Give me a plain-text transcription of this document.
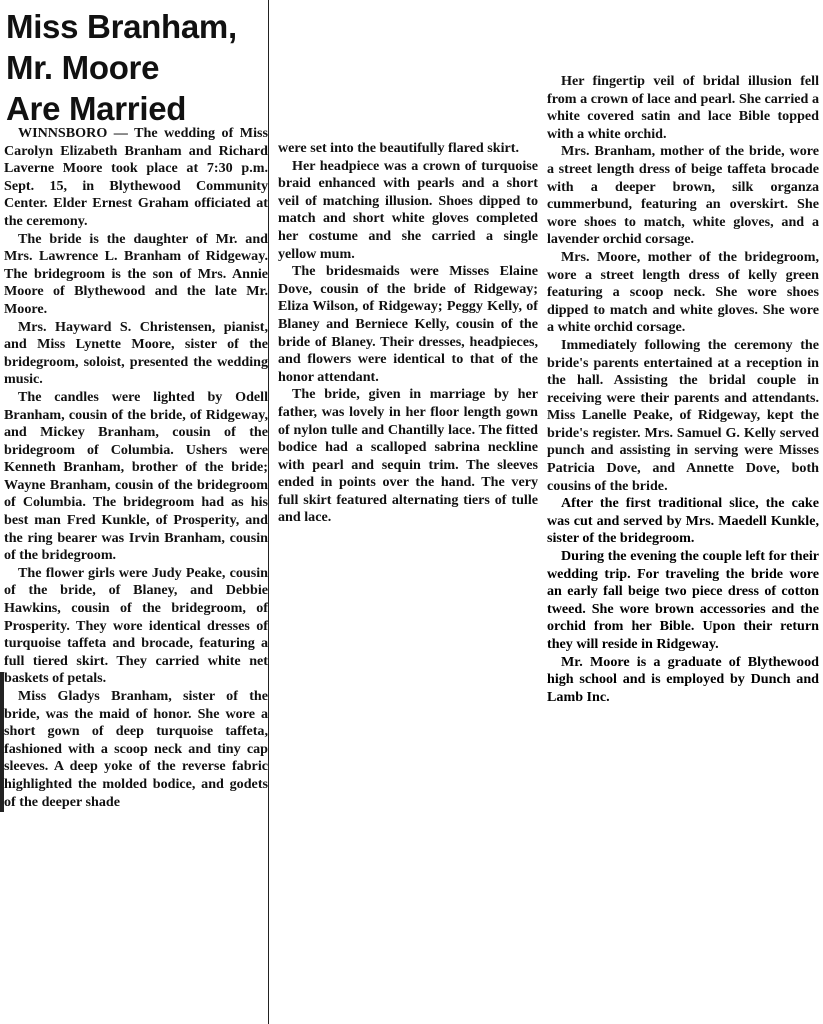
Miss Branham,
Mr. Moore
Are Married

WINNSBORO — The wedding of Miss Carolyn Elizabeth Branham and Richard Laverne Moore took place at 7:30 p.m. Sept. 15, in Blythewood Community Center. Elder Ernest Graham officiated at the ceremony.

The bride is the daughter of Mr. and Mrs. Lawrence L. Branham of Ridgeway. The bridegroom is the son of Mrs. Annie Moore of Blythewood and the late Mr. Moore.

Mrs. Hayward S. Christensen, pianist, and Miss Lynette Moore, sister of the bridegroom, soloist, presented the wedding music.

The candles were lighted by Odell Branham, cousin of the bride, of Ridgeway, and Mickey Branham, cousin of the bridegroom of Columbia. Ushers were Kenneth Branham, brother of the bride; Wayne Branham, cousin of the bridegroom of Columbia. The bridegroom had as his best man Fred Kunkle, of Prosperity, and the ring bearer was Irvin Branham, cousin of the bridegroom.

The flower girls were Judy Peake, cousin of the bride, of Blaney, and Debbie Hawkins, cousin of the bridegroom, of Prosperity. They wore identical dresses of turquoise taffeta and brocade, featuring a full tiered skirt. They carried white net baskets of petals.

Miss Gladys Branham, sister of the bride, was the maid of honor. She wore a short gown of deep turquoise taffeta, fashioned with a scoop neck and tiny cap sleeves. A deep yoke of the reverse fabric highlighted the molded bodice, and godets of the deeper shade

were set into the beautifully flared skirt.

Her headpiece was a crown of turquoise braid enhanced with pearls and a short veil of matching illusion. Shoes dipped to match and short white gloves completed her costume and she carried a single yellow mum.

The bridesmaids were Misses Elaine Dove, cousin of the bride of Ridgeway; Eliza Wilson, of Ridgeway; Peggy Kelly, of Blaney and Berniece Kelly, cousin of the bride of Blaney. Their dresses, headpieces, and flowers were identical to that of the honor attendant.

The bride, given in marriage by her father, was lovely in her floor length gown of nylon tulle and Chantilly lace. The fitted bodice had a scalloped sabrina neckline with pearl and sequin trim. The sleeves ended in points over the hand. The very full skirt featured alternating tiers of tulle and lace.

Her fingertip veil of bridal illusion fell from a crown of lace and pearl. She carried a white covered satin and lace Bible topped with a white orchid.

Mrs. Branham, mother of the bride, wore a street length dress of beige taffeta brocade with a deeper brown, silk organza cummerbund, featuring an overskirt. She wore shoes to match, white gloves, and a lavender orchid corsage.

Mrs. Moore, mother of the bridegroom, wore a street length dress of kelly green featuring a scoop neck. She wore shoes dipped to match and white gloves. She wore a white orchid corsage.

Immediately following the ceremony the bride's parents entertained at a reception in the hall. Assisting the bridal couple in receiving were their parents and attendants. Miss Lanelle Peake, of Ridgeway, kept the bride's register. Mrs. Samuel G. Kelly served punch and assisting in serving were Misses Patricia Dove, and Annette Dove, both cousins of the bride.

After the first traditional slice, the cake was cut and served by Mrs. Maedell Kunkle, sister of the bridegroom.

During the evening the couple left for their wedding trip. For traveling the bride wore an early fall beige two piece dress of cotton tweed. She wore brown accessories and the orchid from her Bible. Upon their return they will reside in Ridgeway.

Mr. Moore is a graduate of Blythewood high school and is employed by Dunch and Lamb Inc.
